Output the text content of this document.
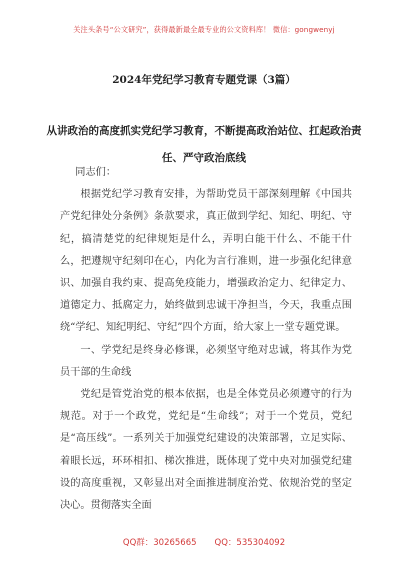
关注头条号“公文研究”，获得最新最全最专业的公文资料库！ 微信：gongwenyj
2024年党纪学习教育专题党课（3篇）
从讲政治的高度抓实党纪学习教育，不断提高政治站位、扛起政治责任、严守政治底线

同志们：

根据党纪学习教育安排，为帮助党员干部深刻理解《中国共产党纪律处分条例》条款要求，真正做到学纪、知纪、明纪、守纪，搞清楚党的纪律规矩是什么，弄明白能干什么、不能干什么，把遵规守纪刻印在心，内化为言行准则，进一步强化纪律意识、加强自我约束、提高免疫能力，增强政治定力、纪律定力、道德定力、抵腐定力，始终做到忠诚干净担当，今天，我重点围绕“学纪、知纪明纪、守纪”四个方面，给大家上一堂专题党课。

一、学党纪是终身必修课，必须坚守绝对忠诚，将其作为党员干部的生命线

党纪是管党治党的根本依据，也是全体党员必须遵守的行为规范。对于一个政党，党纪是“生命线”；对于一个党员，党纪是“高压线”。一系列关于加强党纪建设的决策部署，立足实际、着眼长远，环环相扣、梯次推进，既体现了党中央对加强党纪建设的高度重视，又彰显出对全面推进制度治党、依规治党的坚定决心。贯彻落实全面

QQ群：30265665 QQ：535304092
